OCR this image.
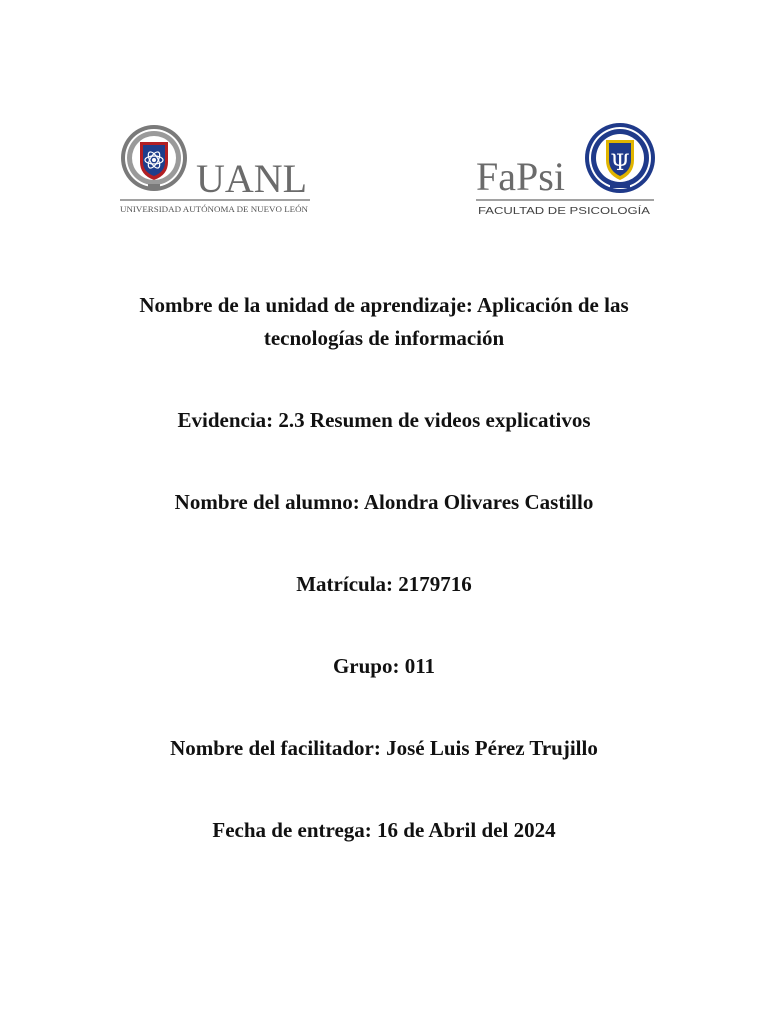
UANL
UNIVERSIDAD AUTÓNOMA DE NUEVO LEÓN
FaPsi Ψ
FACULTAD DE PSICOLOGÍA

Nombre de la unidad de aprendizaje: Aplicación de las
tecnologías de información

Evidencia: 2.3 Resumen de videos explicativos

Nombre del alumno: Alondra Olivares Castillo

Matrícula: 2179716

Grupo: 011

Nombre del facilitador: José Luis Pérez Trujillo

Fecha de entrega: 16 de Abril del 2024
